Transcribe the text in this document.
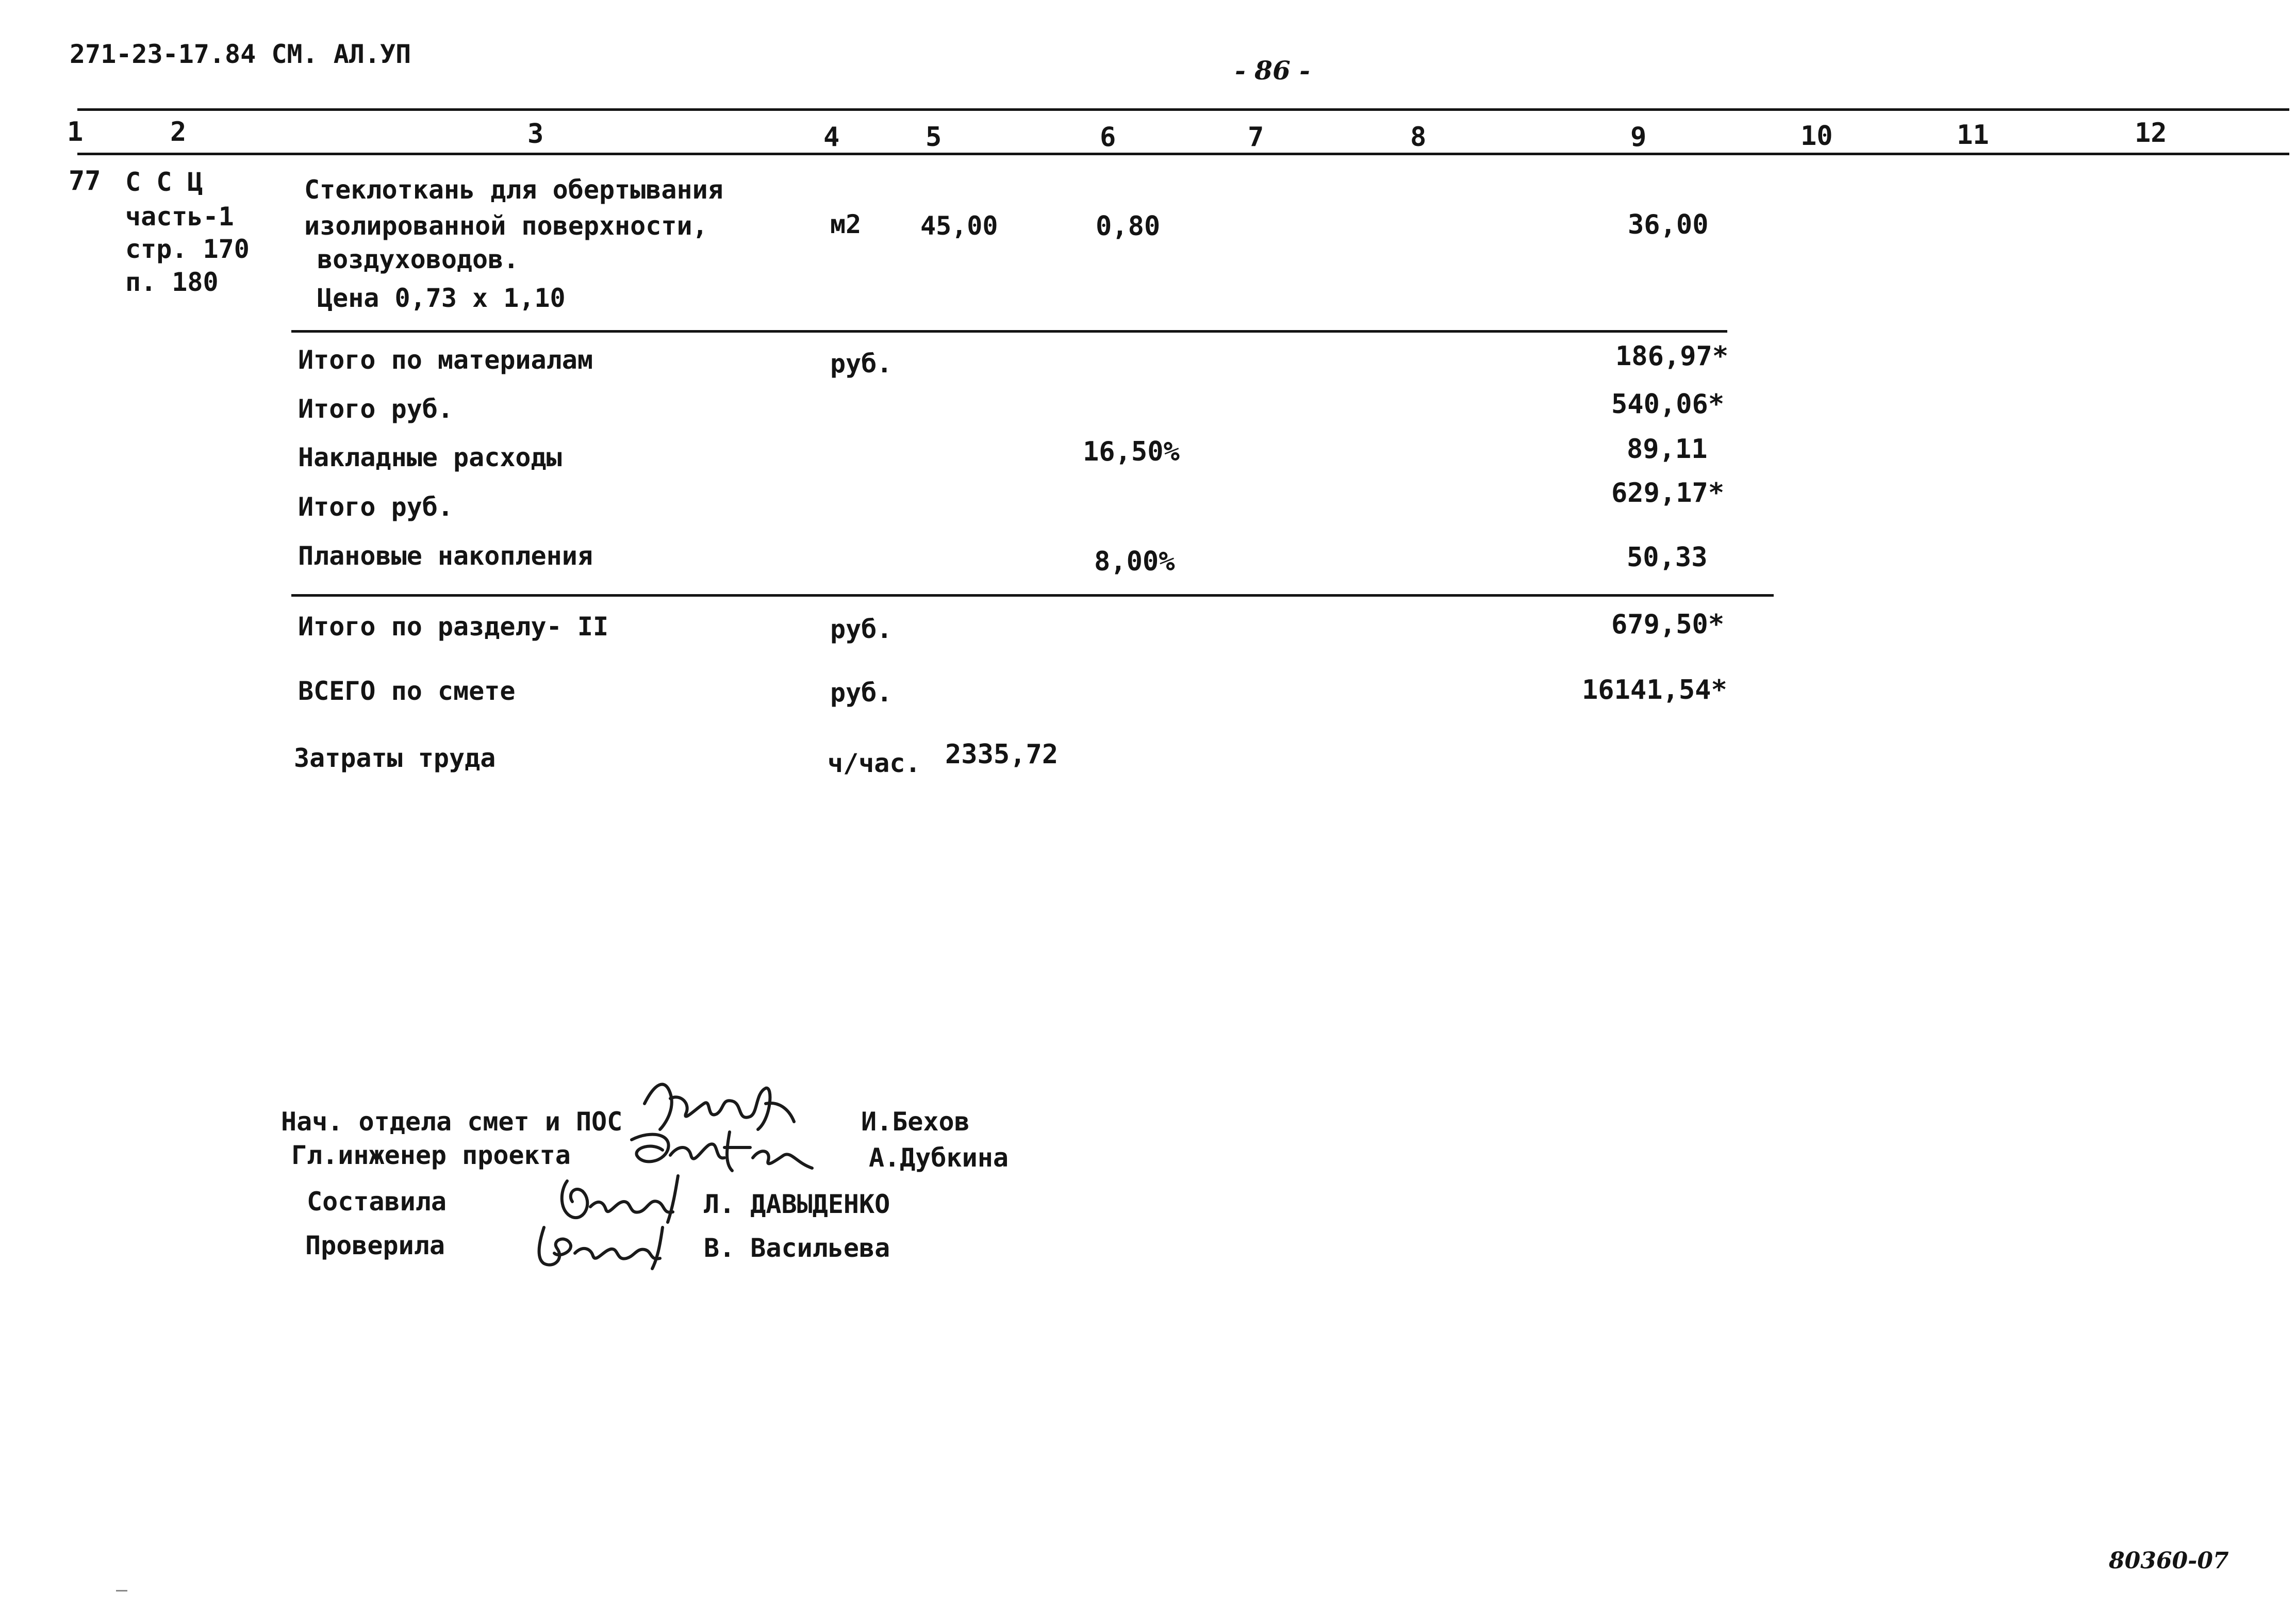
271-23-17.84 СМ. АЛ.УП
- 86 -
1	2	3	4	5	6	7	8	9	10	11	12
77 С С Ц
часть-1
стр. 170
п. 180
Стеклоткань для обертывания
изолированной поверхности,
воздуховодов.
Цена 0,73 х 1,10
м2 45,00	0,80	36,00
Итого по материалам	руб.	186,97*
Итого руб.	540,06*
Накладные расходы	16,50%	89,11
Итого руб.	629,17*
Плановые накопления	8,00%	50,33
Итого по разделу- II	руб.	679,50*
ВСЕГО по смете	руб.	16141,54*
Затраты труда	ч/час. 2335,72
Нач. отдела смет и ПОС	И.Бехов
Гл.инженер проекта	А.Дубкина
Составила	Л. ДАВЫДЕНКО
Проверила	В. Васильева
80360-07
